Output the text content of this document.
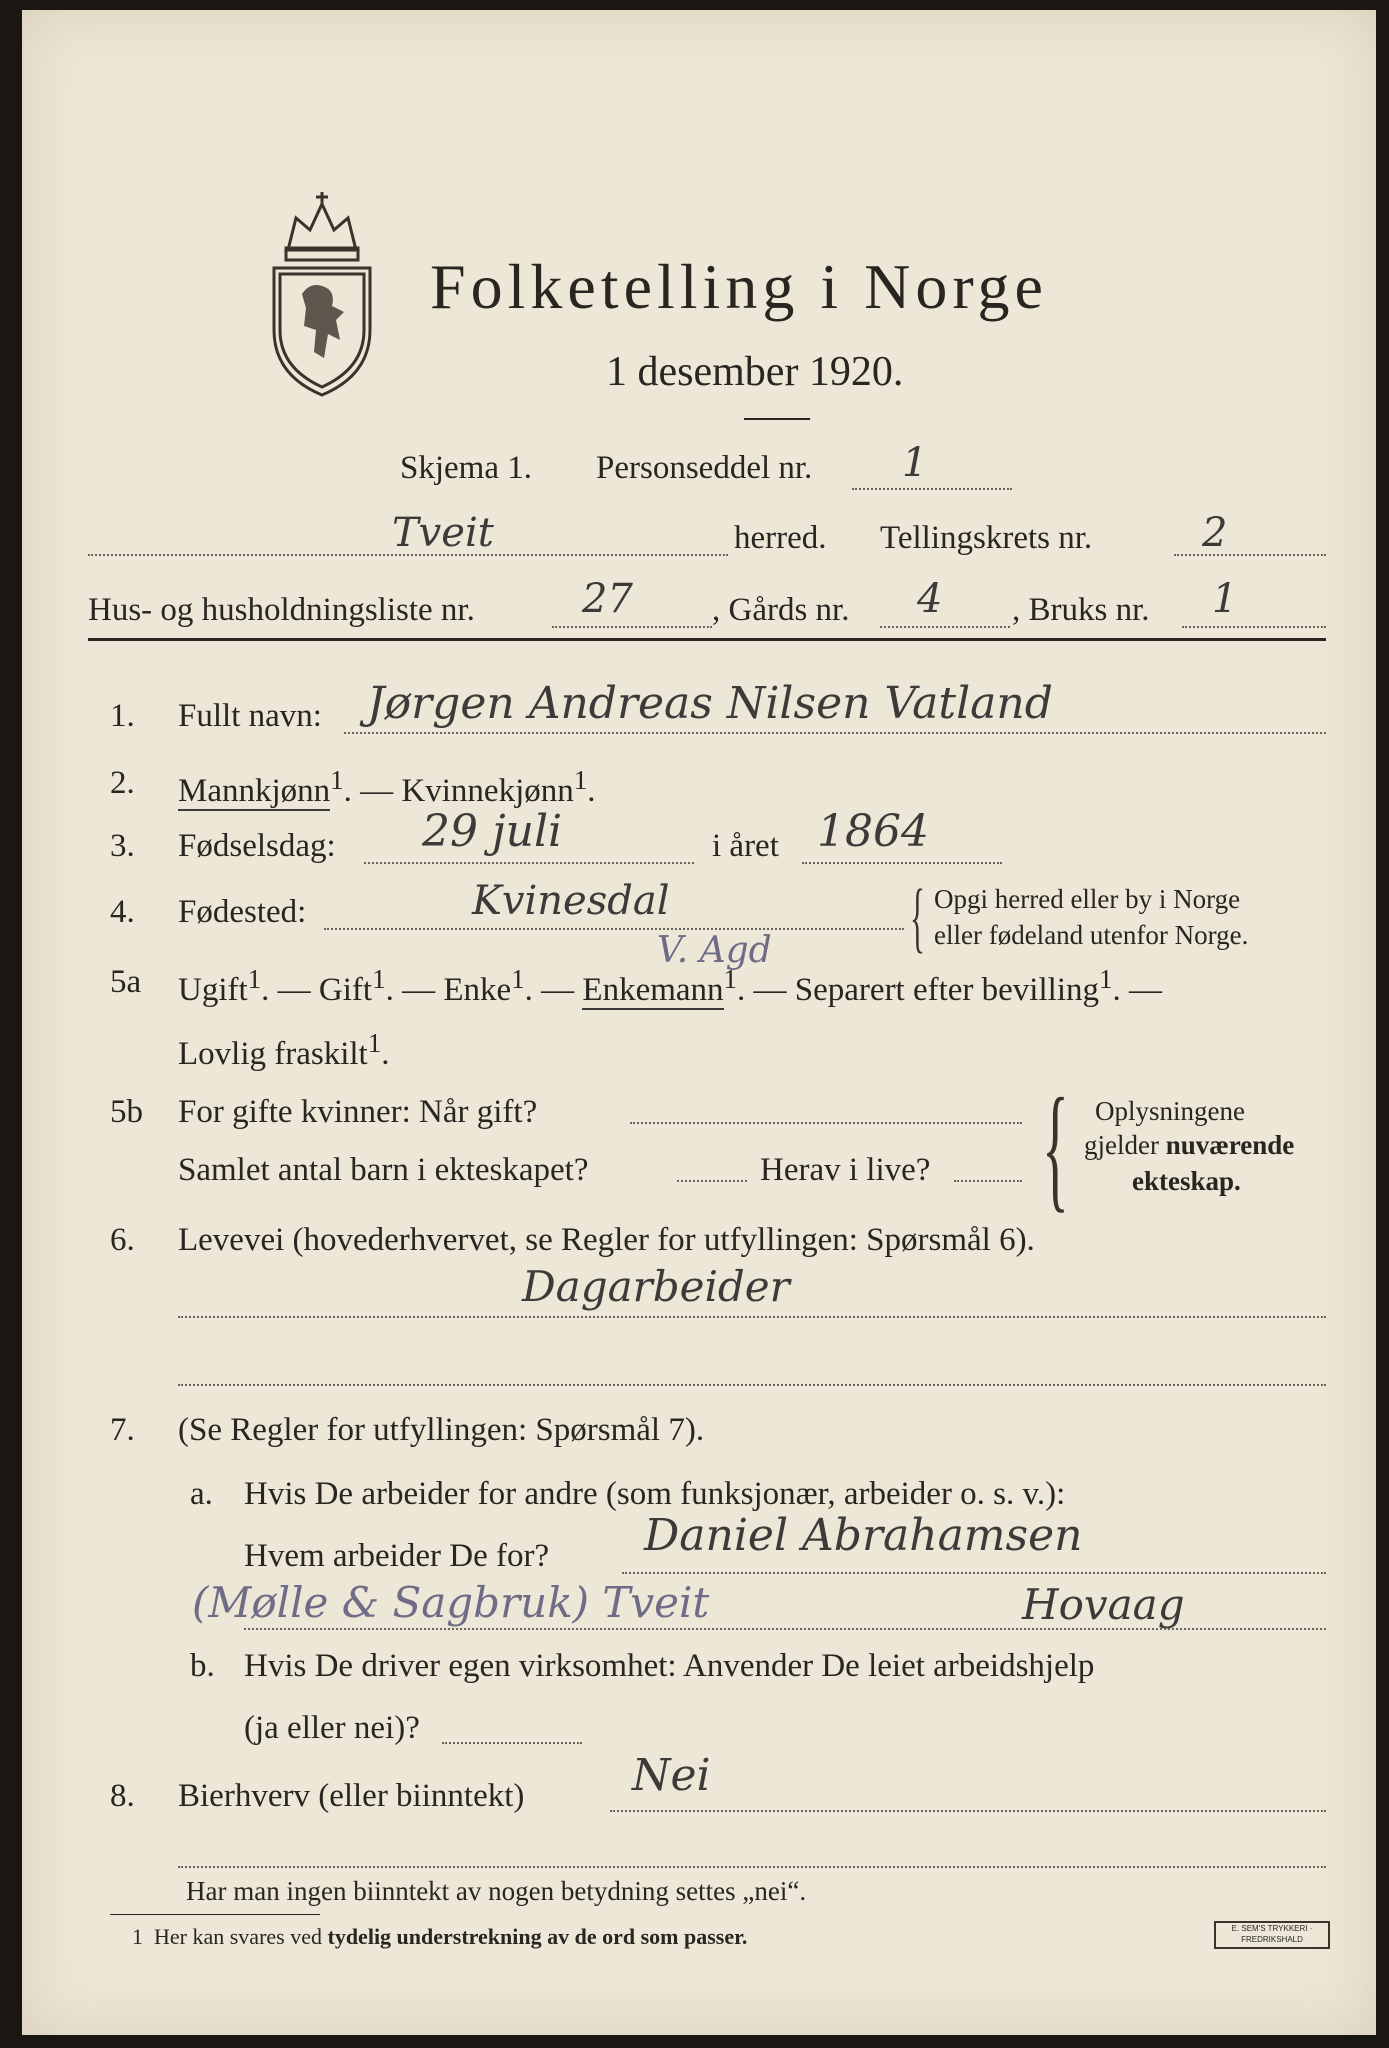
Folketelling i Norge
1 desember 1920.
Skjema 1. Personseddel nr. 1
Tveit	herred. Tellingskrets nr.	2
Hus- og husholdningsliste nr.	27 , Gårds nr. 4 , Bruks nr. 1
1. Fullt navn: Jørgen Andreas Nilsen Vatland
2. Mannkjønn$^1$. — Kvinnekjønn$^1$.
3. Fødselsdag: 29 juli	i året 1864
4. Fødested:	Kvinesdal
V. Agd { Opgi herred eller by i Norge
eller fødeland utenfor Norge.
5a Ugift$^1$. — Gift$^1$. — Enke$^1$. — Enkemann$^1$. — Separert efter bevilling$^1$. —
Lovlig fraskilt$^1$.
5b For gifte kvinner: Når gift?
Samlet antal barn i ekteskapet?	Herav i live? { Oplysningene
gjelder nuværende
ekteskap.
6. Levevei (hovederhvervet, se Regler for utfyllingen: Spørsmål 6).
Dagarbeider
7. (Se Regler for utfyllingen: Spørsmål 7).
a. Hvis De arbeider for andre (som funksjonær, arbeider o. s. v.):
Hvem arbeider De for? Daniel Abrahamsen
(Mølle & Sagbruk) Tveit	Hovaag
b. Hvis De driver egen virksomhet: Anvender De leiet arbeidshjelp
(ja eller nei)?
8. Bierhverv (eller biinntekt) Nei
Har man ingen biinntekt av nogen betydning settes „nei“.
1 Her kan svares ved tydelig understrekning av de ord som passer.	E. SEM'S TRYKKERI · FREDRIKSHALD
